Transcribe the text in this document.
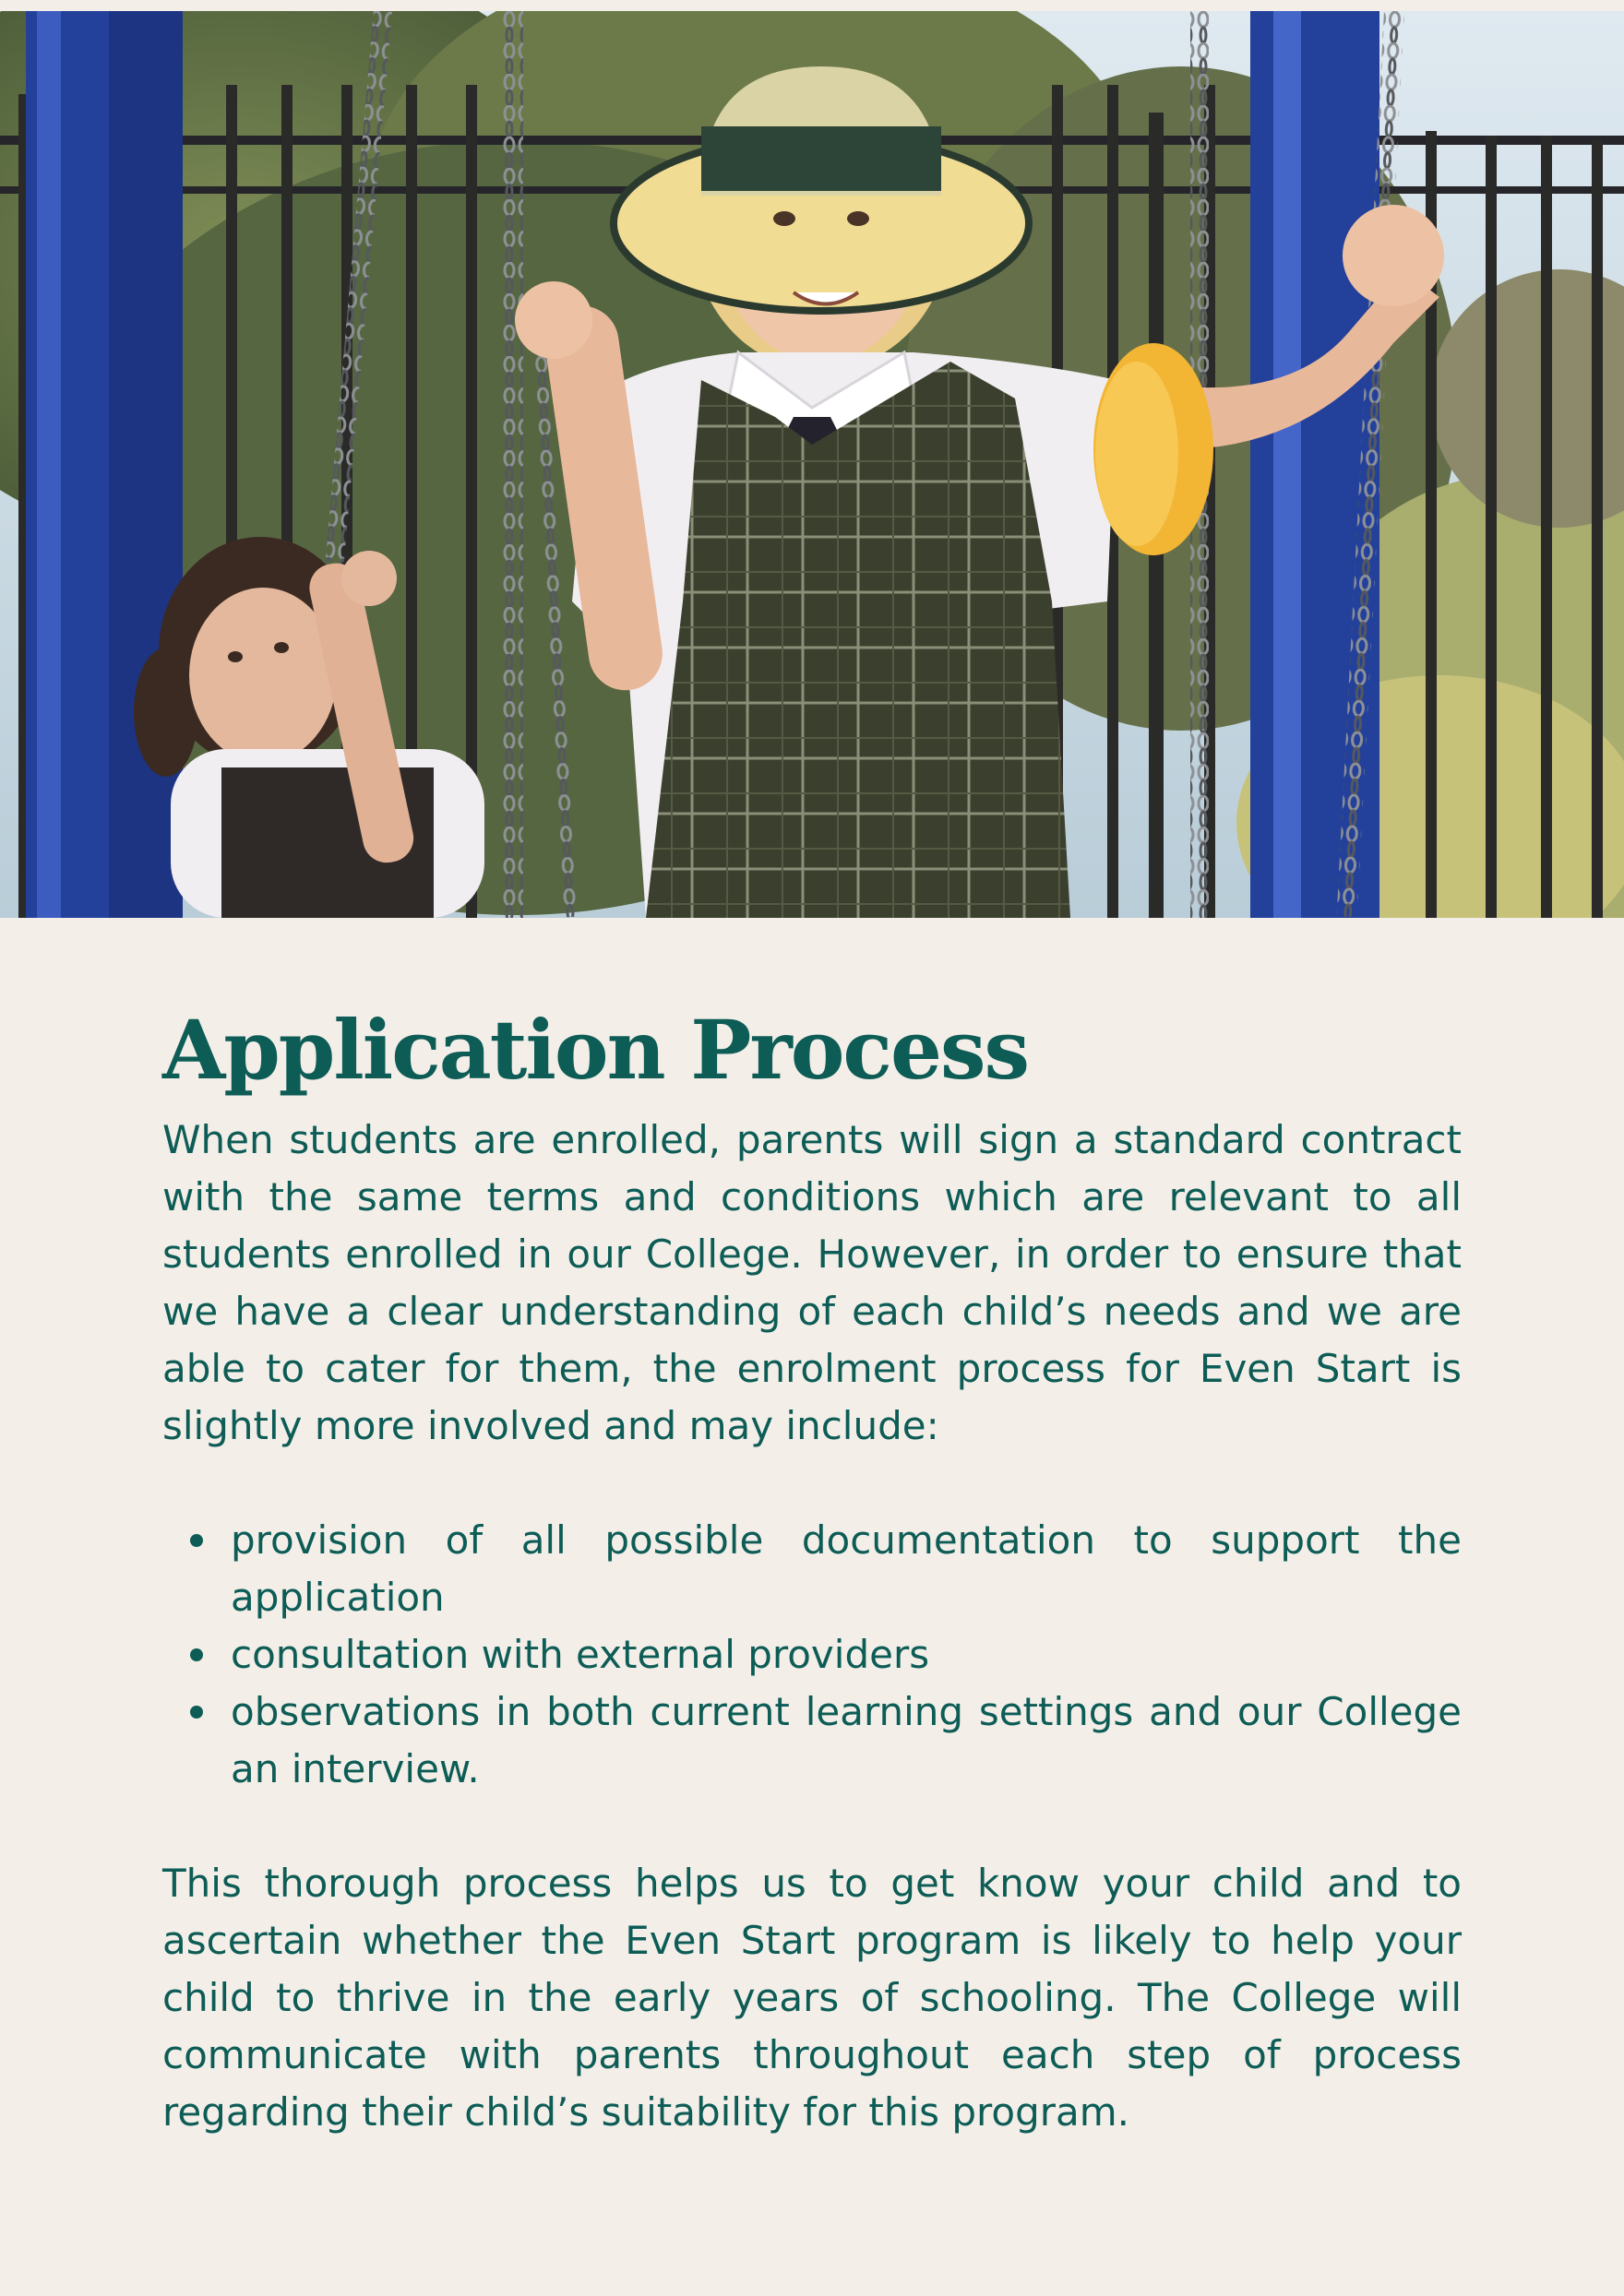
Application Process

When students are enrolled, parents will sign a standard contract with the same terms and conditions which are relevant to all students enrolled in our College. However, in order to ensure that we have a clear understanding of each child’s needs and we are able to cater for them, the enrolment process for Even Start is slightly more involved and may include:

provision of all possible documentation to support the application
consultation with external providers
observations in both current learning settings and our College an interview.

This thorough process helps us to get know your child and to ascertain whether the Even Start program is likely to help your child to thrive in the early years of schooling. The College will communicate with parents throughout each step of process regarding their child’s suitability for this program.
